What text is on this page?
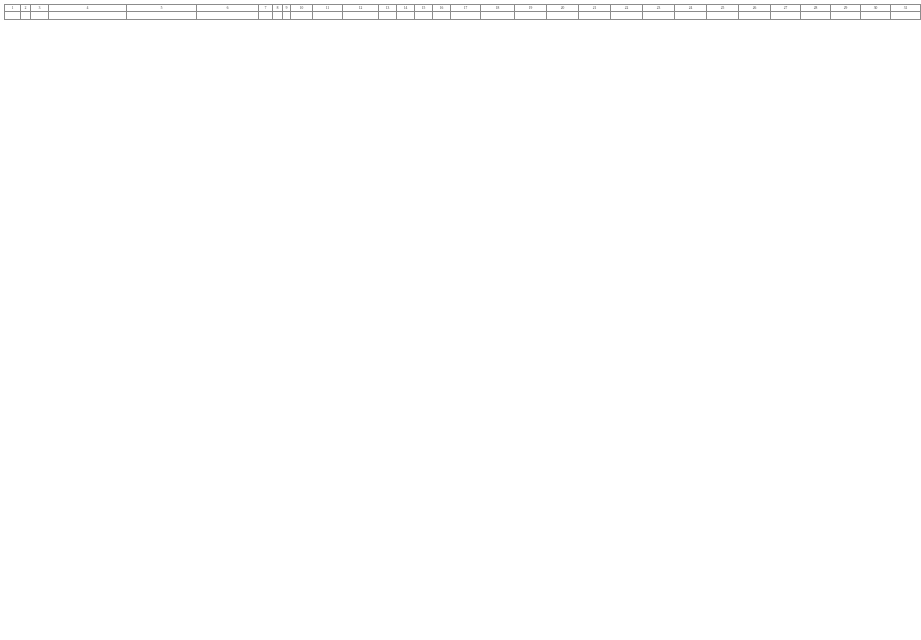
1	2	3	4	5	6	7	8	9	10	11	12	13	14	15	16	17	18	19	20	21	22	23	24	25	26	27	28	29	30	31
